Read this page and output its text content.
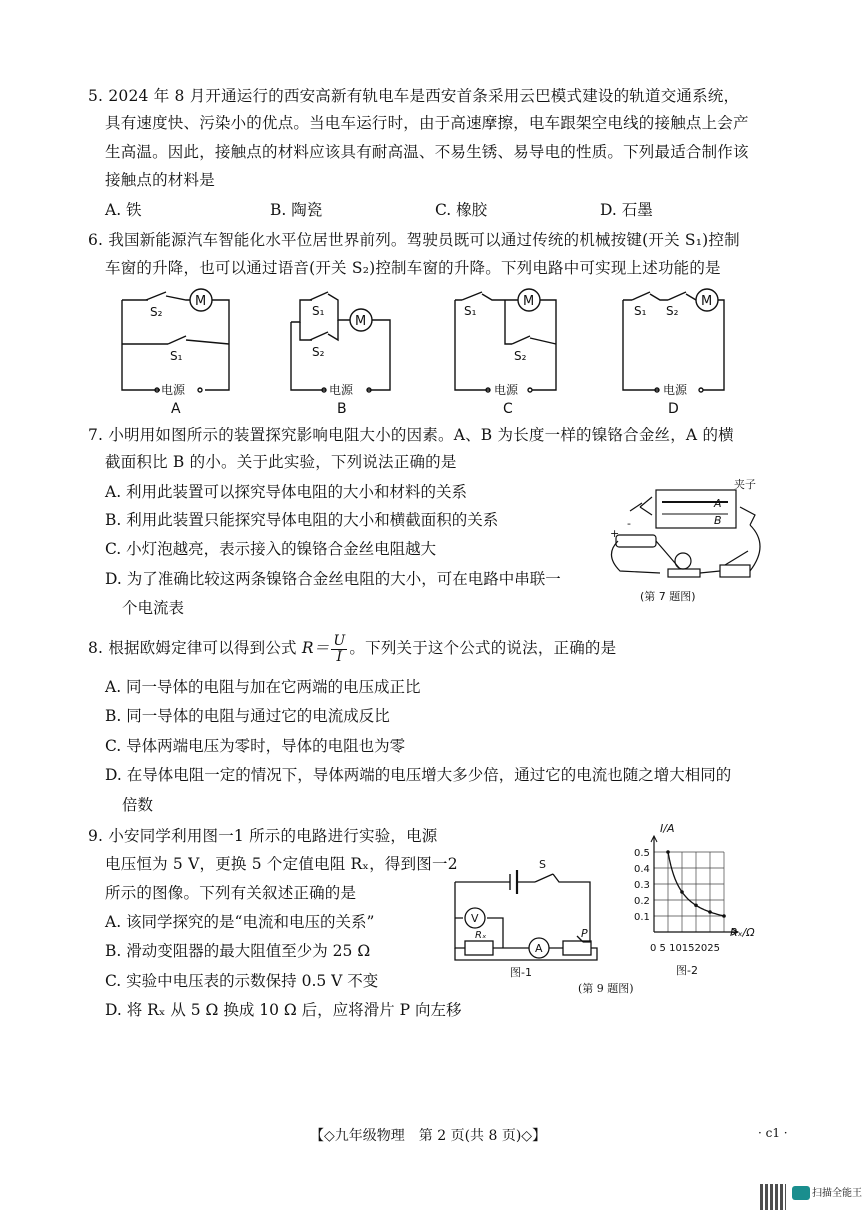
5. 2024 年 8 月开通运行的西安高新有轨电车是西安首条采用云巴模式建设的轨道交通系统，
具有速度快、污染小的优点。当电车运行时，由于高速摩擦，电车跟架空电线的接触点上会产
生高温。因此，接触点的材料应该具有耐高温、不易生锈、易导电的性质。下列最适合制作该
接触点的材料是
A. 铁	B. 陶瓷	C. 橡胶	D. 石墨
6. 我国新能源汽车智能化水平位居世界前列。驾驶员既可以通过传统的机械按键(开关 S₁)控制
车窗的升降，也可以通过语音(开关 S₂)控制车窗的升降。下列电路中可实现上述功能的是
M
S₂
S₁
电源
A
M
S₁
S₂
电源
B
M
S₁
S₂
电源
C
M
S₁ S₂
电源
D
7. 小明用如图所示的装置探究影响电阻大小的因素。A、B 为长度一样的镍铬合金丝，A 的横
截面积比 B 的小。关于此实验，下列说法正确的是
A. 利用此装置可以探究导体电阻的大小和材料的关系
B. 利用此装置只能探究导体电阻的大小和横截面积的关系
C. 小灯泡越亮，表示接入的镍铬合金丝电阻越大
D. 为了准确比较这两条镍铬合金丝电阻的大小，可在电路中串联一
个电流表
夹子
A
B
+
-
(第 7 题图)
8. 根据欧姆定律可以得到公式 $R= \frac{U}{I}$ 。下列关于这个公式的说法，正确的是
A. 同一导体的电阻与加在它两端的电压成正比
B. 同一导体的电阻与通过它的电流成反比
C. 导体两端电压为零时，导体的电阻也为零
D. 在导体电阻一定的情况下，导体两端的电压增大多少倍，通过它的电流也随之增大相同的
倍数
9. 小安同学利用图一1 所示的电路进行实验，电源
电压恒为 5 V，更换 5 个定值电阻 Rₓ，得到图一2
所示的图像。下列有关叙述正确的是
A. 该同学探究的是“电流和电压的关系”
B. 滑动变阻器的最大阻值至少为 25 Ω
C. 实验中电压表的示数保持 0.5 V 不变
D. 将 Rₓ 从 5 Ω 换成 10 Ω 后，应将滑片 P 向左移
S
V
A
Rₓ	P
图-1
(第 9 题图)
I/A
Rₓ/Ω
0 5 10152025
图-2
0.5
0.4
0.3
0.2
0.1
【◇九年级物理　第 2 页(共 8 页)◇】	· c1 ·
扫描全能王
